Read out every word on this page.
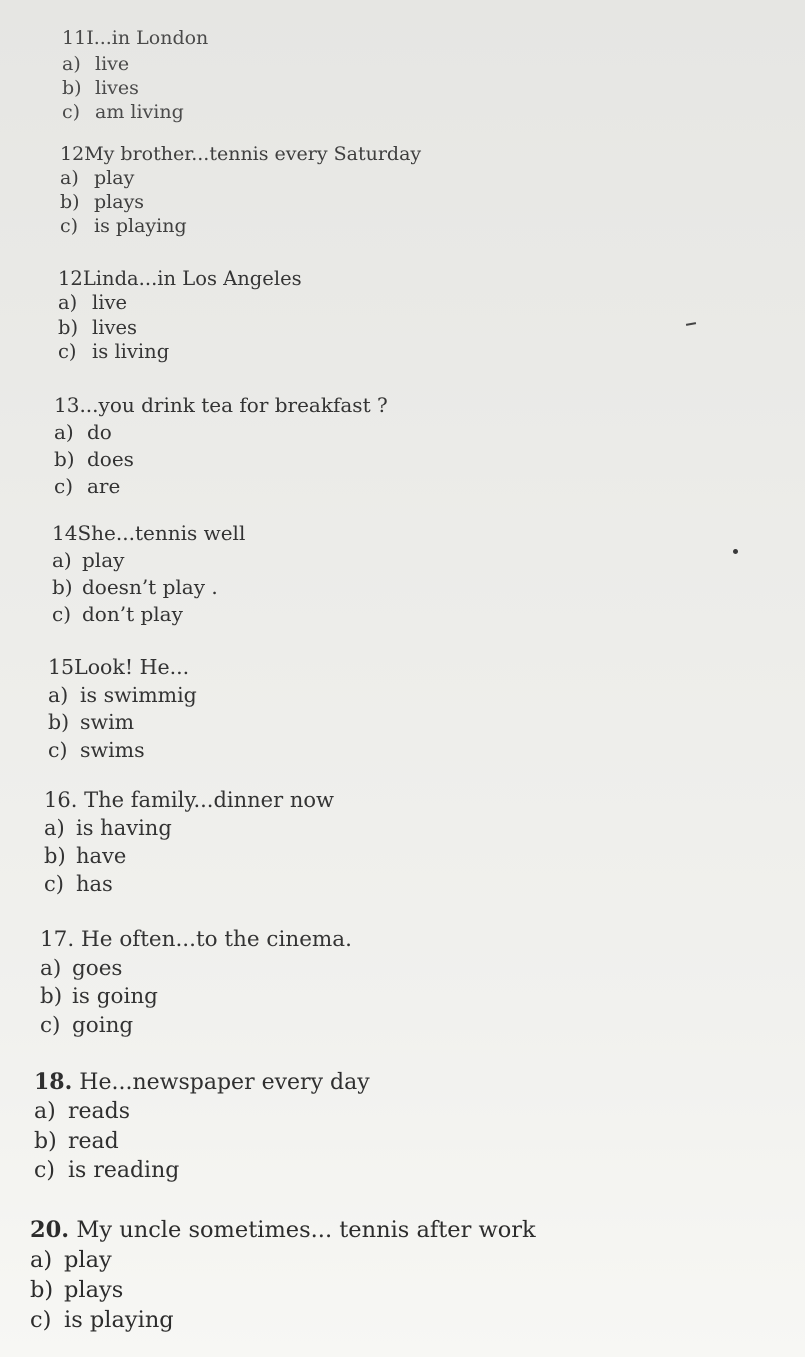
11I...in London
a) live
b) lives
c) am living
12My brother...tennis every Saturday
a) play
b) plays
c) is playing
12Linda...in Los Angeles
a) live
b) lives
c) is living
13...you drink tea for breakfast ?
a) do
b) does
c) are
14She...tennis well
a) play
b) doesn’t play .
c) don’t play
15Look! He...
a) is swimmig
b) swim
c) swims
16. The family...dinner now
a) is having
b) have
c) has
17. He often...to the cinema.
a) goes
b) is going
c) going
18. He...newspaper every day
a) reads
b) read
c) is reading
20. My uncle sometimes... tennis after work
a) play
b) plays
c) is playing
